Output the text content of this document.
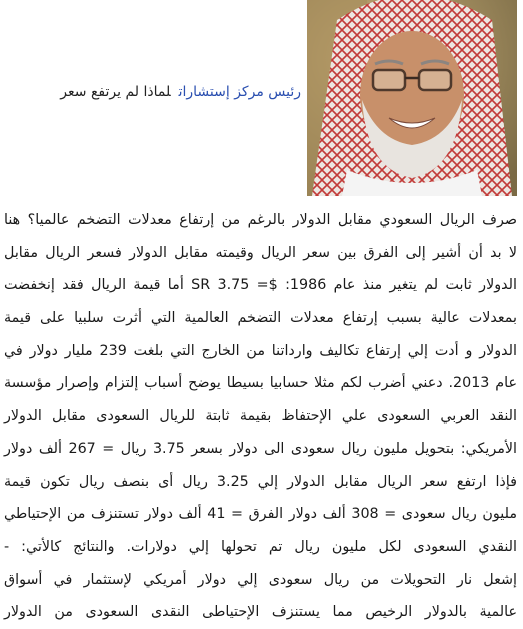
رئيس مركز إستشاراتلماذا لم يرتفع سعر
صرف الريال السعودي مقابل الدولار بالرغم من إرتفاع معدلات التضخم عالميا؟ هنا
لا بد أن أشير إلى الفرق بين سعر الريال وقيمته مقابل الدولار فسعر الريال مقابل
الدولار ثابت لم يتغير منذ عام 1986: $= SR 3.75 أما قيمة الريال فقد إنخفضت
بمعدلات عالية بسبب إرتفاع معدلات التضخم العالمية التي أثرت سلبيا على قيمة
الدولار و أدت إلي إرتفاع تكاليف وارداتنا من الخارج التي بلغت 239 مليار دولار في
عام 2013. دعني أضرب لكم مثلا حسابيا بسيطا يوضح أسباب إلتزام وإصرار مؤسسة
النقد العربي السعودى علي الإحتفاظ بقيمة ثابتة للريال السعودى مقابل الدولار
الأمريكي: بتحويل مليون ريال سعودى الى دولار بسعر 3.75 ريال = 267 ألف دولار
فإذا ارتفع سعر الريال مقابل الدولار إلي 3.25 ريال أى بنصف ريال تكون قيمة
مليون ريال سعودى = 308 ألف دولار الفرق = 41 ألف دولار تستنزف من الإحتياطي
النقدي السعودى لكل مليون ريال تم تحولها إلي دولارات. والنتائج كالأتي: -
إشعل نار التحويلات من ريال سعودى إلي دولار أمريكي لإستثمار في أسواق
عالمية بالدولار الرخيص مما يستنزف الإحتياطى النقدى السعودى من الدولار
